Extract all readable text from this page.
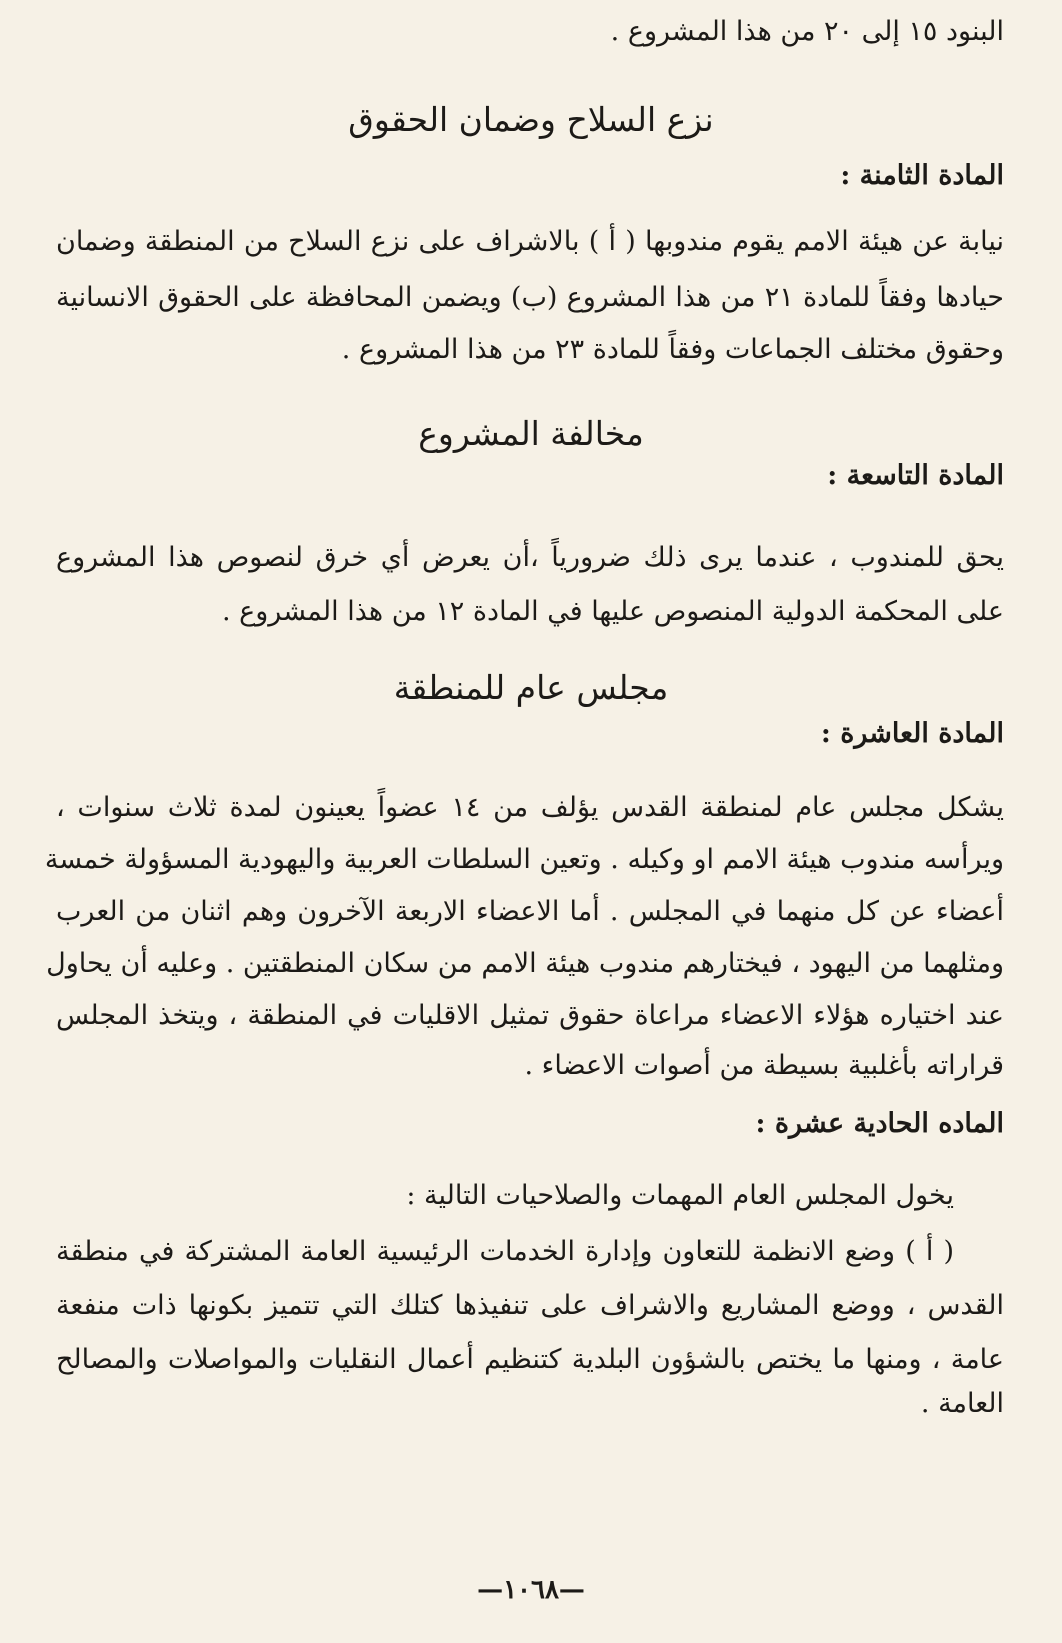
البنود ١٥ إلى ٢٠ من هذا المشروع .
نزع السلاح وضمان الحقوق
المادة الثامنة :
نيابة عن هيئة الامم يقوم مندوبها ( أ ) بالاشراف على نزع السلاح من المنطقة وضمان
حيادها وفقاً للمادة ٢١ من هذا المشروع (ب) ويضمن المحافظة على الحقوق الانسانية
وحقوق مختلف الجماعات وفقاً للمادة ٢٣ من هذا المشروع .
مخالفة المشروع
المادة التاسعة :
يحق للمندوب ، عندما يرى ذلك ضرورياً ،أن يعرض أي خرق لنصوص هذا المشروع
على المحكمة الدولية المنصوص عليها في المادة ١٢ من هذا المشروع .
مجلس عام للمنطقة
المادة العاشرة :
يشكل مجلس عام لمنطقة القدس يؤلف من ١٤ عضواً يعينون لمدة ثلاث سنوات ،
ويرأسه مندوب هيئة الامم او وكيله . وتعين السلطات العربية واليهودية المسؤولة خمسة
أعضاء عن كل منهما في المجلس . أما الاعضاء الاربعة الآخرون وهم اثنان من العرب
ومثلهما من اليهود ، فيختارهم مندوب هيئة الامم من سكان المنطقتين . وعليه أن يحاول
عند اختياره هؤلاء الاعضاء مراعاة حقوق تمثيل الاقليات في المنطقة ، ويتخذ المجلس
قراراته بأغلبية بسيطة من أصوات الاعضاء .
الماده الحادية عشرة :
يخول المجلس العام المهمات والصلاحيات التالية :
( أ ) وضع الانظمة للتعاون وإدارة الخدمات الرئيسية العامة المشتركة في منطقة
القدس ، ووضع المشاريع والاشراف على تنفيذها كتلك التي تتميز بكونها ذات منفعة
عامة ، ومنها ما يختص بالشؤون البلدية كتنظيم أعمال النقليات والمواصلات والمصالح
العامة .
—١٠٦٨—
